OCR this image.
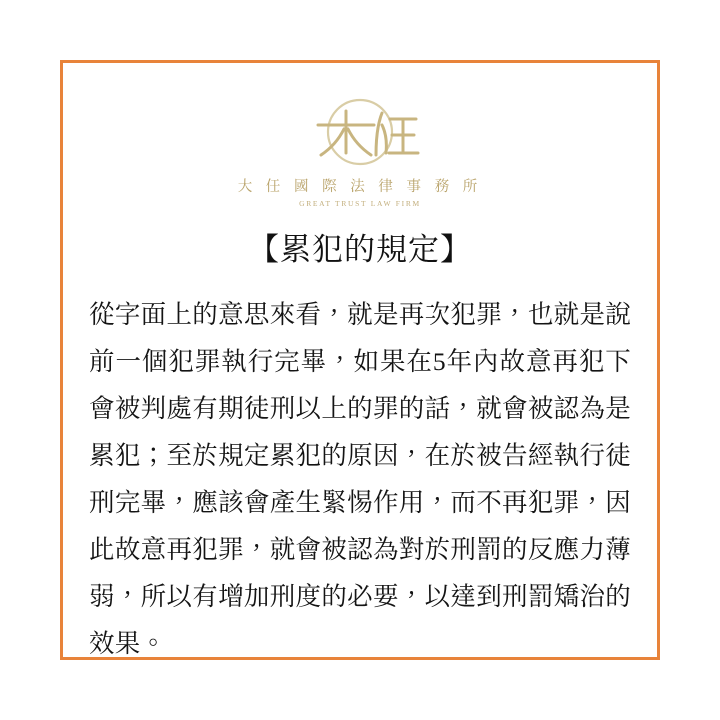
大 任 國 際 法 律 事 務 所
GREAT TRUST LAW FIRM
【累犯的規定】
從字面上的意思來看，就是再次犯罪，也就是說前一個犯罪執行完畢，如果在5年內故意再犯下會被判處有期徒刑以上的罪的話，就會被認為是累犯；至於規定累犯的原因，在於被告經執行徒刑完畢，應該會產生緊惕作用，而不再犯罪，因此故意再犯罪，就會被認為對於刑罰的反應力薄弱，所以有增加刑度的必要，以達到刑罰矯治的效果。
